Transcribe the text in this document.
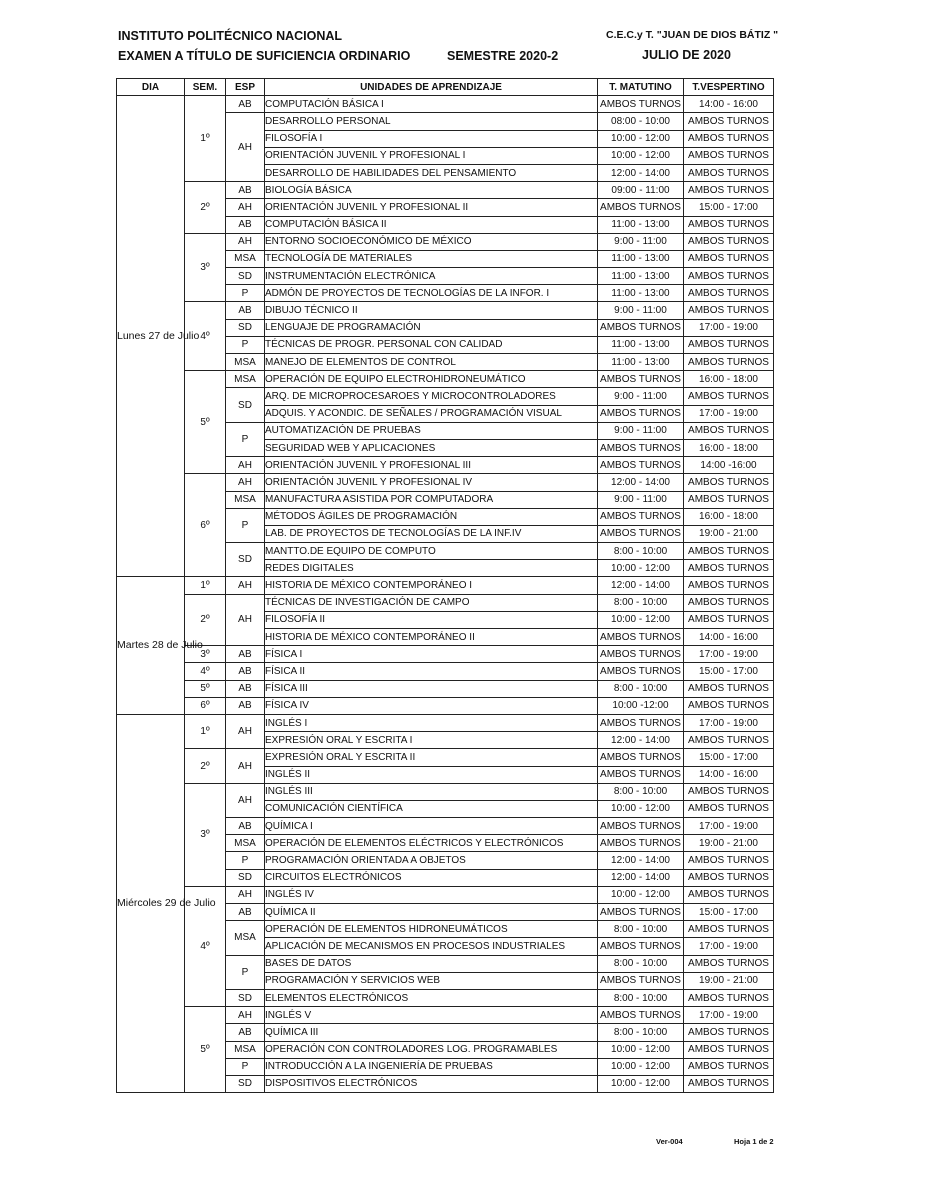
INSTITUTO POLITÉCNICO NACIONAL
EXAMEN A TÍTULO DE SUFICIENCIA ORDINARIO	SEMESTRE 2020-2
C.E.C.y T. "JUAN DE DIOS BÁTIZ "
JULIO DE 2020
DIA	SEM.	ESP	UNIDADES DE APRENDIZAJE	T. MATUTINO	T.VESPERTINO
Lunes 27 de Julio	1º	AB	COMPUTACIÓN BÁSICA I	AMBOS TURNOS	14:00 - 16:00
		AH	DESARROLLO PERSONAL	08:00 - 10:00	AMBOS TURNOS
			FILOSOFÍA I	10:00 - 12:00	AMBOS TURNOS
			ORIENTACIÓN JUVENIL Y PROFESIONAL I	10:00 - 12:00	AMBOS TURNOS
			DESARROLLO DE HABILIDADES DEL PENSAMIENTO	12:00 - 14:00	AMBOS TURNOS
	2º	AB	BIOLOGÍA BÁSICA	09:00 - 11:00	AMBOS TURNOS
		AH	ORIENTACIÓN JUVENIL Y PROFESIONAL II	AMBOS TURNOS	15:00 - 17:00
		AB	COMPUTACIÓN BÁSICA II	11:00 - 13:00	AMBOS TURNOS
	3º	AH	ENTORNO SOCIOECONÓMICO DE MÉXICO	9:00 - 11:00	AMBOS TURNOS
		MSA	TECNOLOGÍA DE MATERIALES	11:00 - 13:00	AMBOS TURNOS
		SD	INSTRUMENTACIÓN ELECTRÓNICA	11:00 - 13:00	AMBOS TURNOS
		P	ADMÓN DE PROYECTOS DE TECNOLOGÍAS DE LA INFOR. I	11:00 - 13:00	AMBOS TURNOS
	4º	AB	DIBUJO TÉCNICO II	9:00 - 11:00	AMBOS TURNOS
		SD	LENGUAJE DE PROGRAMACIÓN	AMBOS TURNOS	17:00 - 19:00
		P	TÉCNICAS DE PROGR. PERSONAL CON CALIDAD	11:00 - 13:00	AMBOS TURNOS
		MSA	MANEJO DE ELEMENTOS DE CONTROL	11:00 - 13:00	AMBOS TURNOS
	5º	MSA	OPERACIÓN DE EQUIPO ELECTROHIDRONEUMÁTICO	AMBOS TURNOS	16:00 - 18:00
		SD	ARQ. DE MICROPROCESAROES Y MICROCONTROLADORES	9:00 - 11:00	AMBOS TURNOS
			ADQUIS. Y ACONDIC. DE SEÑALES / PROGRAMACIÓN VISUAL	AMBOS TURNOS	17:00 - 19:00
		P	AUTOMATIZACIÓN DE PRUEBAS	9:00 - 11:00	AMBOS TURNOS
			SEGURIDAD WEB Y APLICACIONES	AMBOS TURNOS	16:00 - 18:00
		AH	ORIENTACIÓN JUVENIL Y PROFESIONAL III	AMBOS TURNOS	14:00 -16:00
	6º	AH	ORIENTACIÓN JUVENIL Y PROFESIONAL IV	12:00 - 14:00	AMBOS TURNOS
		MSA	MANUFACTURA ASISTIDA POR COMPUTADORA	9:00 - 11:00	AMBOS TURNOS
		P	MÉTODOS ÁGILES DE PROGRAMACIÓN	AMBOS TURNOS	16:00 - 18:00
			LAB. DE PROYECTOS DE TECNOLOGÍAS DE LA INF.IV	AMBOS TURNOS	19:00 - 21:00
		SD	MANTTO.DE EQUIPO DE COMPUTO	8:00 - 10:00	AMBOS TURNOS
			REDES DIGITALES	10:00 - 12:00	AMBOS TURNOS
Martes 28 de Julio	1º	AH	HISTORIA DE MÉXICO CONTEMPORÁNEO I	12:00 - 14:00	AMBOS TURNOS
	2º	AH	TÉCNICAS DE INVESTIGACIÓN DE CAMPO	8:00 - 10:00	AMBOS TURNOS
			FILOSOFÍA II	10:00 - 12:00	AMBOS TURNOS
			HISTORIA DE MÉXICO CONTEMPORÁNEO II	AMBOS TURNOS	14:00 - 16:00
	3º	AB	FÍSICA I	AMBOS TURNOS	17:00 - 19:00
	4º	AB	FÍSICA II	AMBOS TURNOS	15:00 - 17:00
	5º	AB	FÍSICA III	8:00 - 10:00	AMBOS TURNOS
	6º	AB	FÍSICA IV	10:00 -12:00	AMBOS TURNOS
Miércoles 29 de Julio	1º	AH	INGLÉS I	AMBOS TURNOS	17:00 - 19:00
			EXPRESIÓN ORAL Y ESCRITA I	12:00 - 14:00	AMBOS TURNOS
	2º	AH	EXPRESIÓN ORAL Y ESCRITA II	AMBOS TURNOS	15:00 - 17:00
			INGLÉS II	AMBOS TURNOS	14:00 - 16:00
	3º	AH	INGLÉS III	8:00 - 10:00	AMBOS TURNOS
			COMUNICACIÓN CIENTÍFICA	10:00 - 12:00	AMBOS TURNOS
		AB	QUÍMICA I	AMBOS TURNOS	17:00 - 19:00
		MSA	OPERACIÓN DE ELEMENTOS ELÉCTRICOS Y ELECTRÓNICOS	AMBOS TURNOS	19:00 - 21:00
		P	PROGRAMACIÓN ORIENTADA A OBJETOS	12:00 - 14:00	AMBOS TURNOS
		SD	CIRCUITOS ELECTRÓNICOS	12:00 - 14:00	AMBOS TURNOS
	4º	AH	INGLÉS IV	10:00 - 12:00	AMBOS TURNOS
		AB	QUÍMICA II	AMBOS TURNOS	15:00 - 17:00
		MSA	OPERACIÓN DE ELEMENTOS HIDRONEUMÁTICOS	8:00 - 10:00	AMBOS TURNOS
			APLICACIÓN DE MECANISMOS EN PROCESOS INDUSTRIALES	AMBOS TURNOS	17:00 - 19:00
		P	BASES DE DATOS	8:00 - 10:00	AMBOS TURNOS
			PROGRAMACIÓN Y SERVICIOS WEB	AMBOS TURNOS	19:00 - 21:00
		SD	ELEMENTOS ELECTRÓNICOS	8:00 - 10:00	AMBOS TURNOS
	5º	AH	INGLÉS V	AMBOS TURNOS	17:00 - 19:00
		AB	QUÍMICA III	8:00 - 10:00	AMBOS TURNOS
		MSA	OPERACIÓN CON CONTROLADORES LOG. PROGRAMABLES	10:00 - 12:00	AMBOS TURNOS
		P	INTRODUCCIÓN A LA INGENIERÍA DE PRUEBAS	10:00 - 12:00	AMBOS TURNOS
		SD	DISPOSITIVOS ELECTRÓNICOS	10:00 - 12:00	AMBOS TURNOS
Ver-004	Hoja 1 de 2
